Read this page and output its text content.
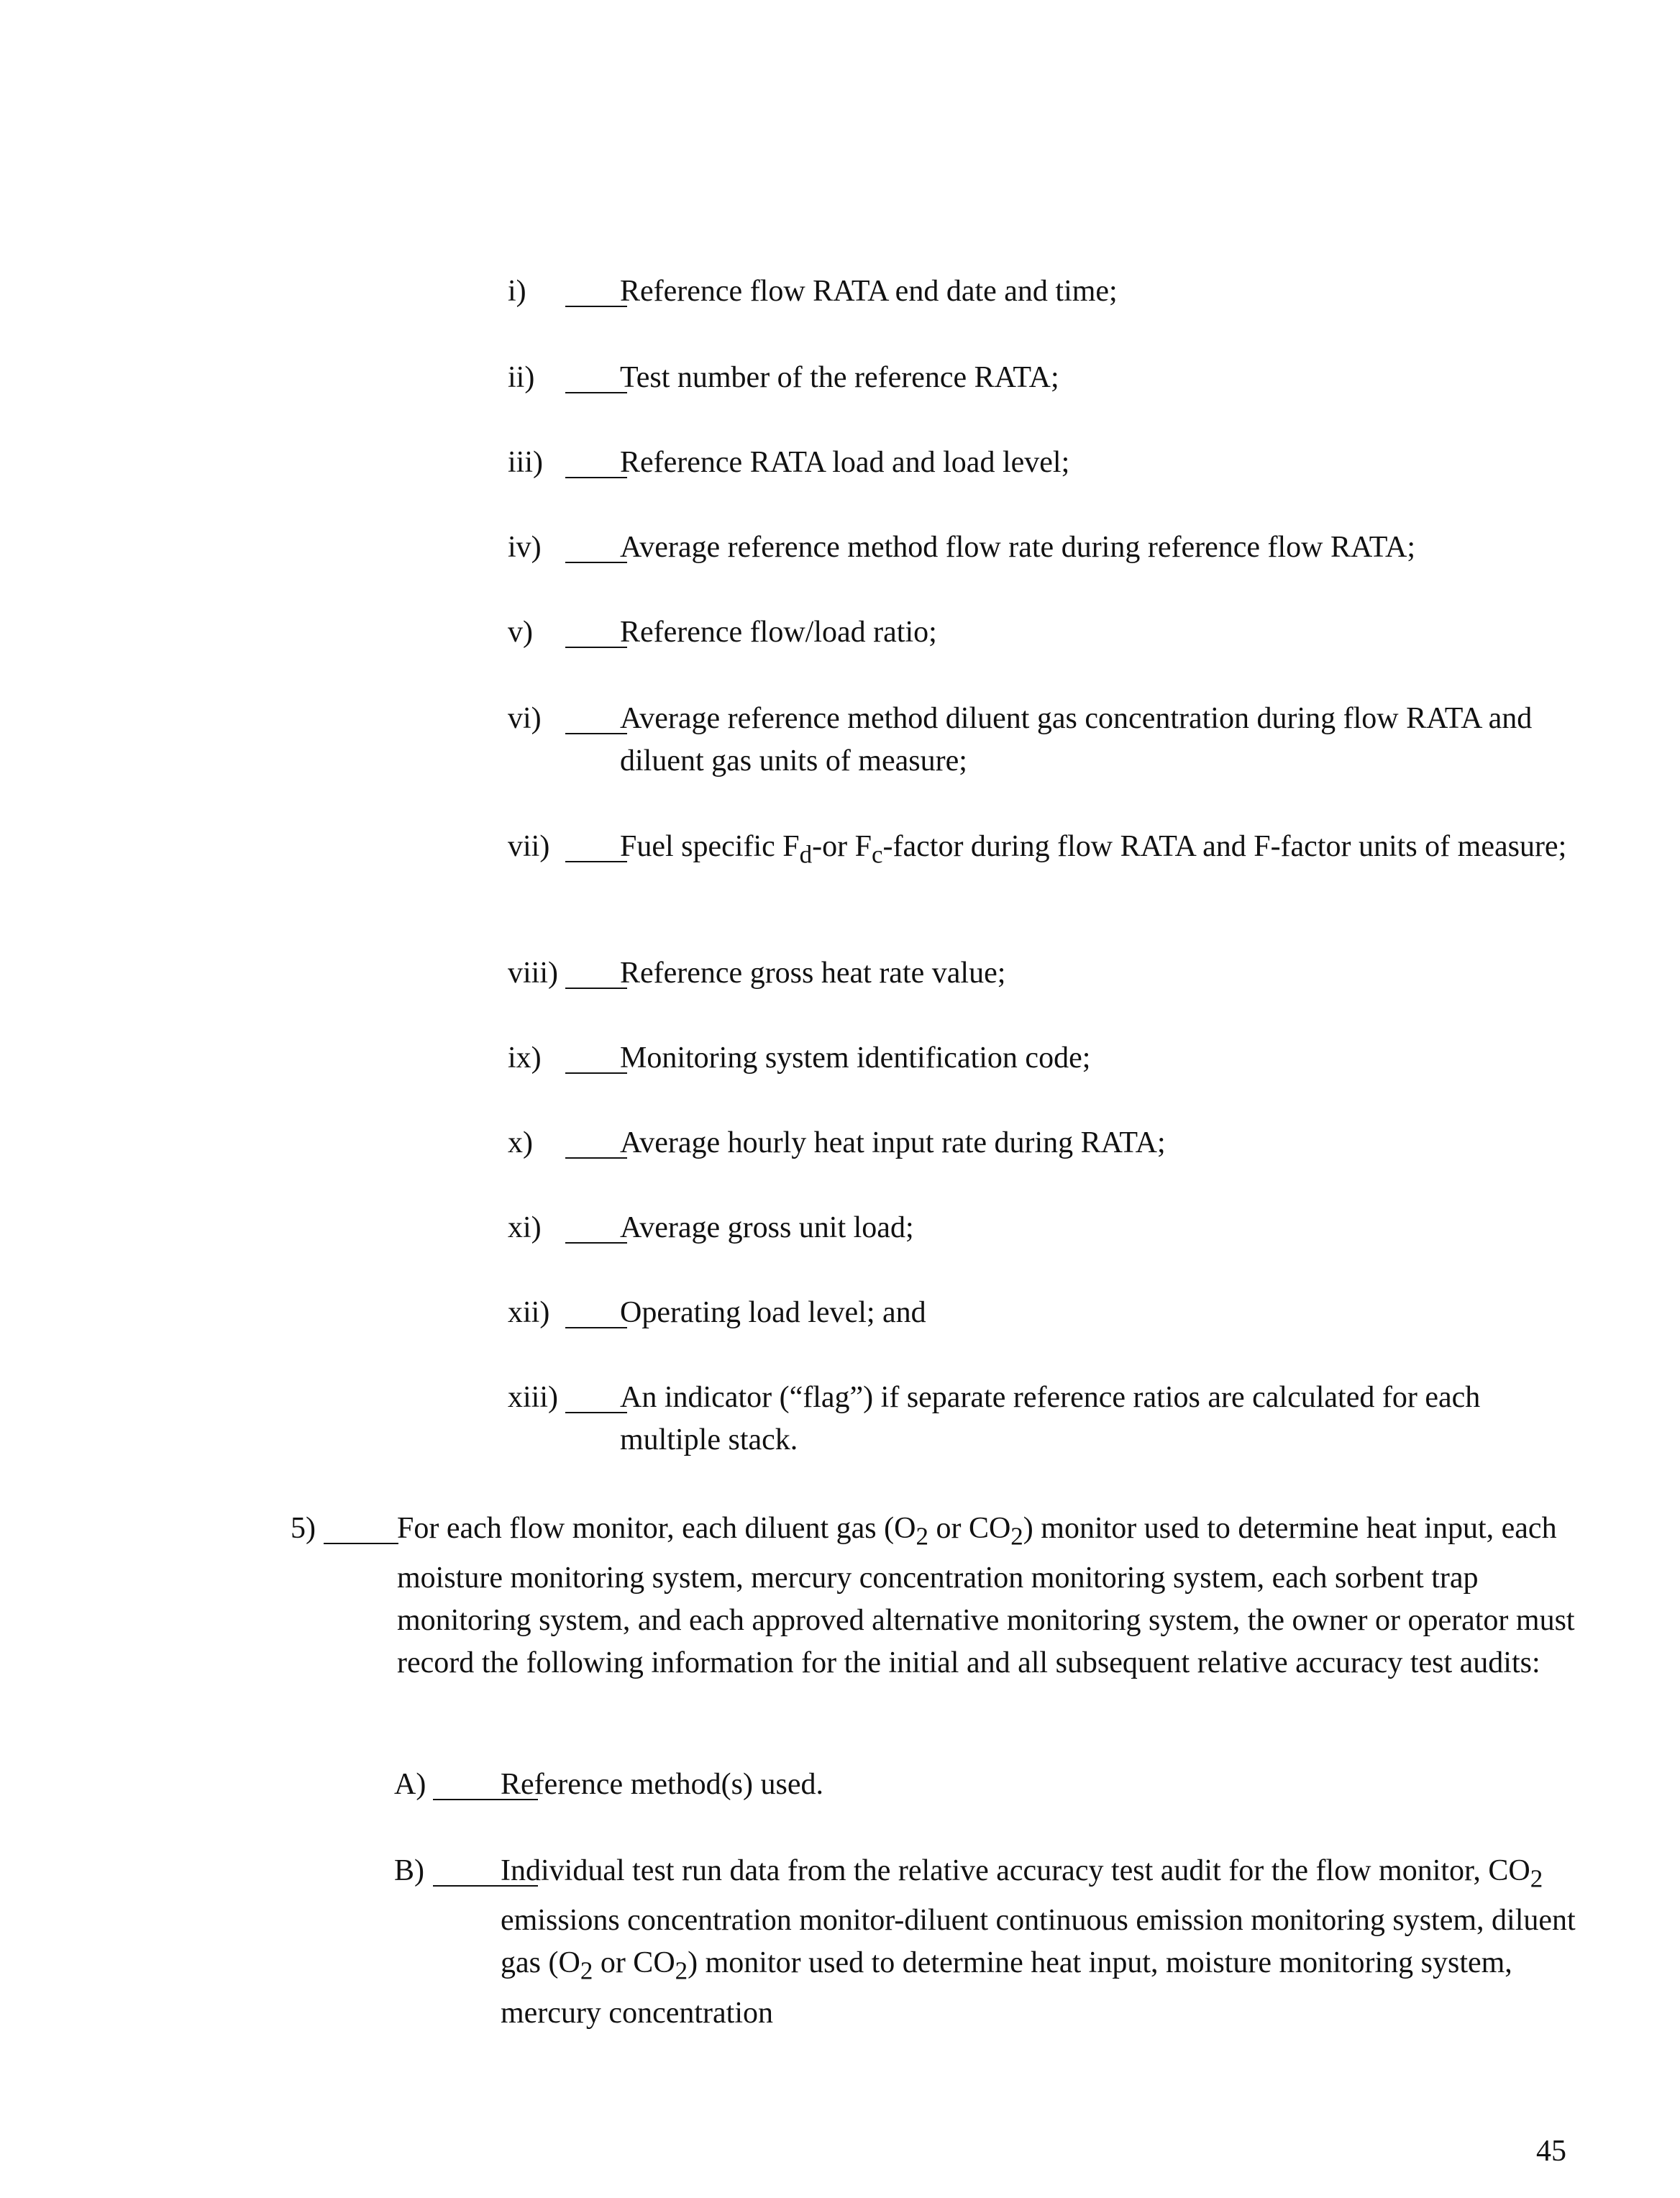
i)	Reference flow RATA end date and time;
ii)	Test number of the reference RATA;
iii)	Reference RATA load and load level;
iv)	Average reference method flow rate during reference flow RATA;
v)	Reference flow/load ratio;
vi)	Average reference method diluent gas concentration during flow RATA and diluent gas units of measure;
vii) Fuel specific $F_d-or$ $F_c$-factor during flow RATA and F-factor units of measure;
viii) Reference gross heat rate value;
ix)	Monitoring system identification code;
x)	Average hourly heat input rate during RATA;
xi)	Average gross unit load;
xii) Operating load level; and
xiii) An indicator (“flag”) if separate reference ratios are calculated for each multiple stack.
5)	For each flow monitor, each diluent gas ($O_2$ or $CO_2$) monitor used to determine heat input, each moisture monitoring system, mercury concentration monitoring system, each sorbent trap monitoring system, and each approved alternative monitoring system, the owner or operator must record the following information for the initial and all subsequent relative accuracy test audits:
A) Reference method(s) used.
B)	Individual test run data from the relative accuracy test audit for the flow monitor, $CO_2$ emissions concentration monitor-diluent continuous emission monitoring system, diluent gas ($O_2$ or $CO_2$) monitor used to determine heat input, moisture monitoring system, mercury concentration
45
